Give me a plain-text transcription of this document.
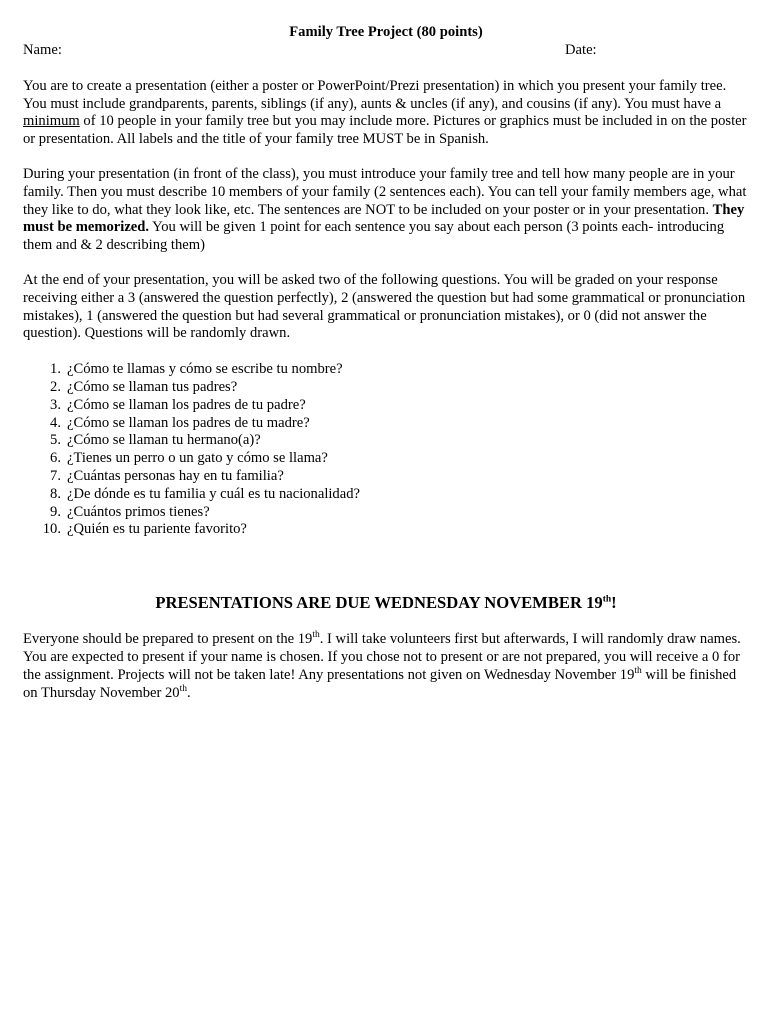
Family Tree Project (80 points)

Name:	Date:

You are to create a presentation (either a poster or PowerPoint/Prezi presentation) in which you present your family tree. You must include grandparents, parents, siblings (if any), aunts & uncles (if any), and cousins (if any). You must have a minimum of 10 people in your family tree but you may include more. Pictures or graphics must be included in on the poster or presentation. All labels and the title of your family tree MUST be in Spanish.

During your presentation (in front of the class), you must introduce your family tree and tell how many people are in your family. Then you must describe 10 members of your family (2 sentences each). You can tell your family members age, what they like to do, what they look like, etc. The sentences are NOT to be included on your poster or in your presentation. They must be memorized. You will be given 1 point for each sentence you say about each person (3 points each- introducing them and & 2 describing them)

At the end of your presentation, you will be asked two of the following questions. You will be graded on your response receiving either a 3 (answered the question perfectly), 2 (answered the question but had some grammatical or pronunciation mistakes), 1 (answered the question but had several grammatical or pronunciation mistakes), or 0 (did not answer the question). Questions will be randomly drawn.

1. ¿Cómo te llamas y cómo se escribe tu nombre?
2. ¿Cómo se llaman tus padres?
3. ¿Cómo se llaman los padres de tu padre?
4. ¿Cómo se llaman los padres de tu madre?
5. ¿Cómo se llaman tu hermano(a)?
6. ¿Tienes un perro o un gato y cómo se llama?
7. ¿Cuántas personas hay en tu familia?
8. ¿De dónde es tu familia y cuál es tu nacionalidad?
9. ¿Cuántos primos tienes?
10. ¿Quién es tu pariente favorito?

PRESENTATIONS ARE DUE WEDNESDAY NOVEMBER 19th!

Everyone should be prepared to present on the 19th. I will take volunteers first but afterwards, I will randomly draw names. You are expected to present if your name is chosen. If you chose not to present or are not prepared, you will receive a 0 for the assignment. Projects will not be taken late! Any presentations not given on Wednesday November 19th will be finished on Thursday November 20th.
